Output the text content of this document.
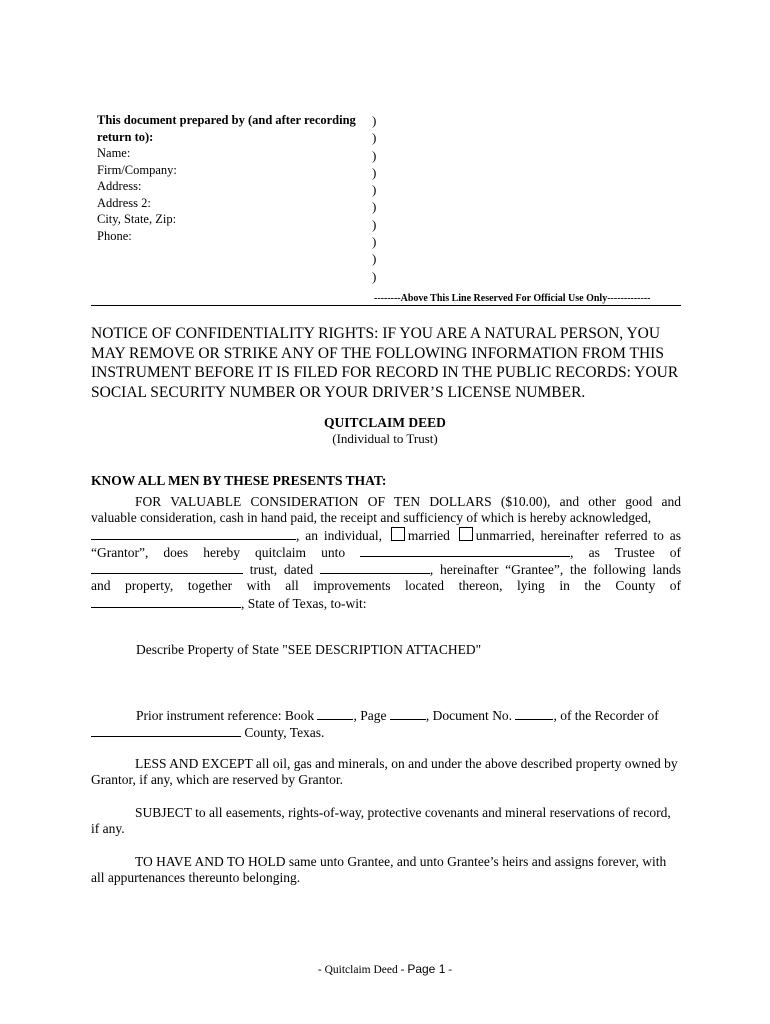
This document prepared by (and after recording
return to):
Name:
Firm/Company:
Address:
Address 2:
City, State, Zip:
Phone:
)
)
)
)
)
)
)
)
)
)
--------Above This Line Reserved For Official Use Only-------------
NOTICE OF CONFIDENTIALITY RIGHTS: IF YOU ARE A NATURAL PERSON, YOU MAY REMOVE OR STRIKE ANY OF THE FOLLOWING INFORMATION FROM THIS INSTRUMENT BEFORE IT IS FILED FOR RECORD IN THE PUBLIC RECORDS: YOUR SOCIAL SECURITY NUMBER OR YOUR DRIVER’S LICENSE NUMBER.
QUITCLAIM DEED
(Individual to Trust)
KNOW ALL MEN BY THESE PRESENTS THAT:
FOR VALUABLE CONSIDERATION OF TEN DOLLARS ($10.00), and other good and
valuable consideration, cash in hand paid, the receipt and sufficiency of which is hereby acknowledged,
, an individual, married unmarried, hereinafter referred to as
“Grantor”, does hereby quitclaim unto	, as Trustee of
trust, dated	, hereinafter “Grantee”, the following lands
and property, together with all improvements located thereon, lying in the County of
, State of Texas, to-wit:
Describe Property of State "SEE DESCRIPTION ATTACHED"
Prior instrument reference: Book	, Page	, Document No.	, of the Recorder of
County, Texas.
LESS AND EXCEPT all oil, gas and minerals, on and under the above described property owned by Grantor, if any, which are reserved by Grantor.
SUBJECT to all easements, rights-of-way, protective covenants and mineral reservations of record, if any.
TO HAVE AND TO HOLD same unto Grantee, and unto Grantee’s heirs and assigns forever, with all appurtenances thereunto belonging.
- Quitclaim Deed - Page 1 -
